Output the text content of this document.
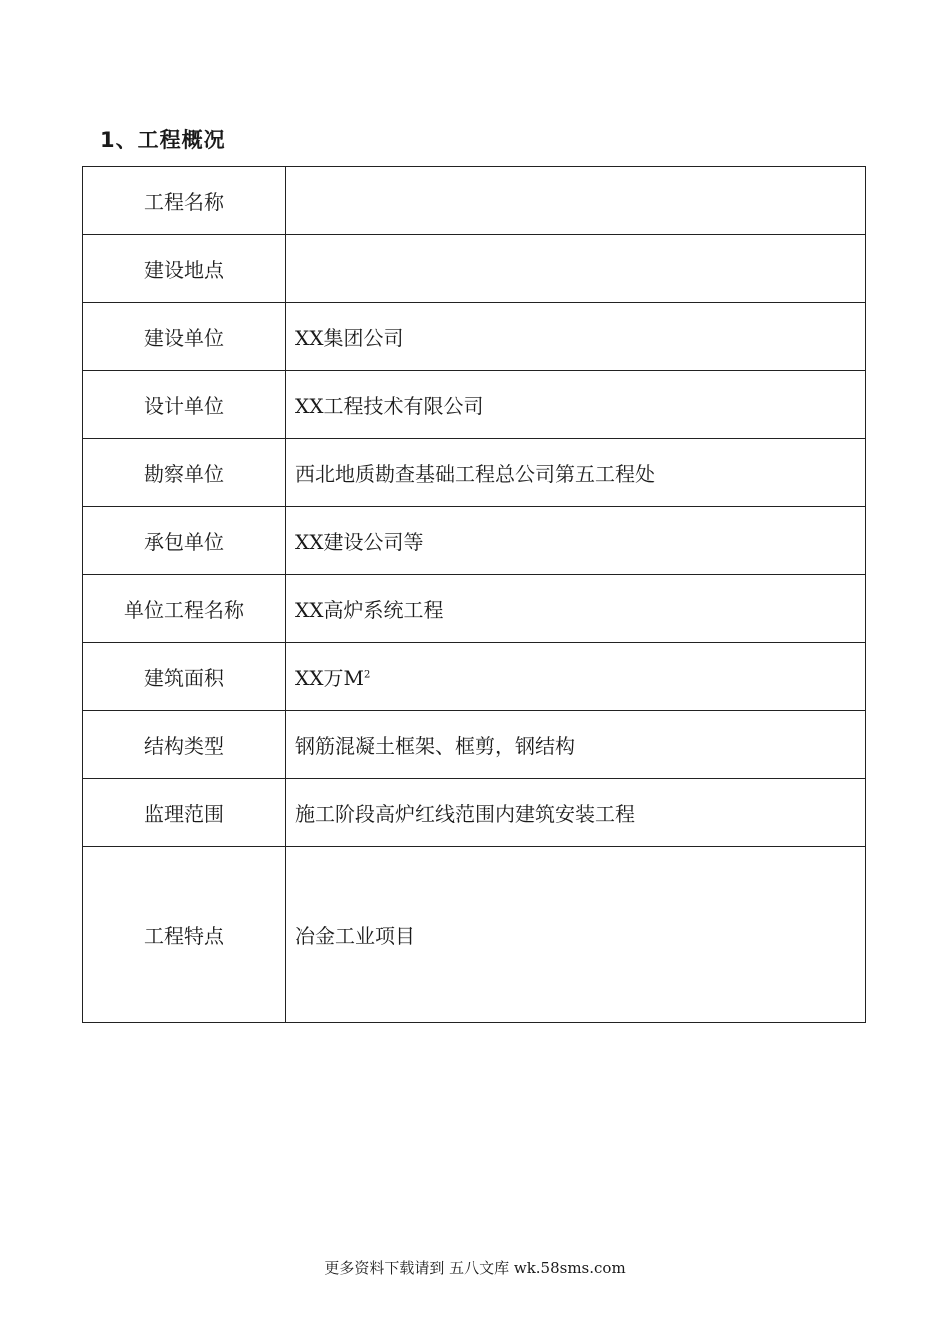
1、工程概况
工程名称	
建设地点	
建设单位	XX集团公司
设计单位	XX工程技术有限公司
勘察单位	西北地质勘查基础工程总公司第五工程处
承包单位	XX建设公司等
单位工程名称	XX高炉系统工程
建筑面积	XX万$M^2$
结构类型	钢筋混凝土框架、框剪，钢结构
监理范围	施工阶段高炉红线范围内建筑安装工程
工程特点	冶金工业项目
更多资料下载请到 五八文库 wk.58sms.com
